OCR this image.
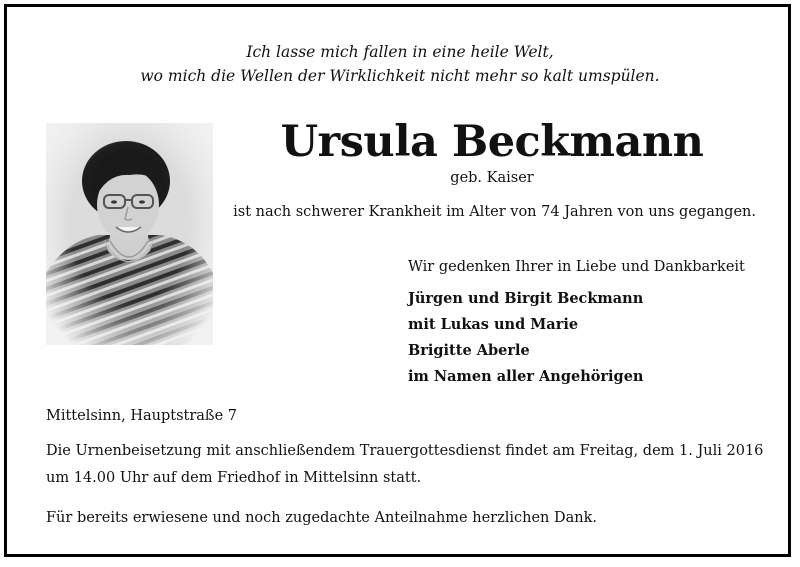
Ich lasse mich fallen in eine heile Welt,
wo mich die Wellen der Wirklichkeit nicht mehr so kalt umspülen.
Ursula Beckmann
geb. Kaiser
ist nach schwerer Krankheit im Alter von 74 Jahren von uns gegangen.
Wir gedenken Ihrer in Liebe und Dankbarkeit
Jürgen und Birgit Beckmann
mit Lukas und Marie
Brigitte Aberle
im Namen aller Angehörigen
Mittelsinn, Hauptstraße 7
Die Urnenbeisetzung mit anschließendem Trauergottesdienst findet am Freitag, dem 1. Juli 2016
um 14.00 Uhr auf dem Friedhof in Mittelsinn statt.
Für bereits erwiesene und noch zugedachte Anteilnahme herzlichen Dank.
